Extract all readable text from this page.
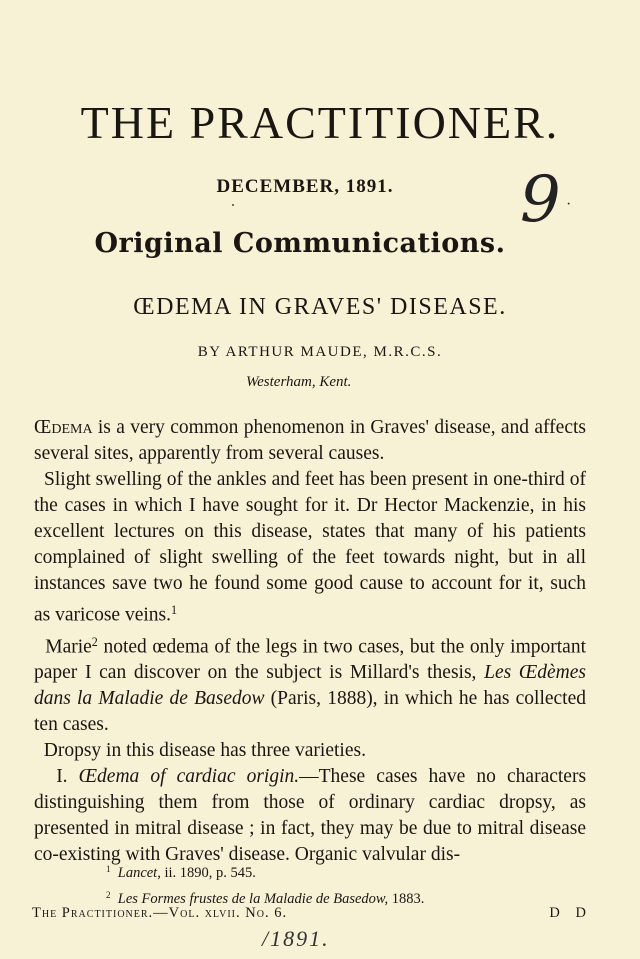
THE PRACTITIONER.
DECEMBER, 1891.	9 ·
Original Communications.
ŒDEMA IN GRAVES' DISEASE.
BY ARTHUR MAUDE, M.R.C.S.
Westerham, Kent.

Œdema is a very common phenomenon in Graves' disease, and affects several sites, apparently from several causes.

Slight swelling of the ankles and feet has been present in one-third of the cases in which I have sought for it. Dr Hector Mackenzie, in his excellent lectures on this disease, states that many of his patients complained of slight swelling of the feet towards night, but in all instances save two he found some good cause to account for it, such as varicose veins.$^1$

Marie$^2$ noted œdema of the legs in two cases, but the only important paper I can discover on the subject is Millard's thesis, Les Œdèmes dans la Maladie de Basedow (Paris, 1888), in which he has collected ten cases.

Dropsy in this disease has three varieties.

I. Œdema of cardiac origin.—These cases have no characters distinguishing them from those of ordinary cardiac dropsy, as presented in mitral disease ; in fact, they may be due to mitral disease co-existing with Graves' disease. Organic valvular dis-

$^1$ Lancet, ii. 1890, p. 545.
$^2$ Les Formes frustes de la Maladie de Basedow, 1883.
The Practitioner.—Vol. xlvii. No. 6.	D D
/1891.
